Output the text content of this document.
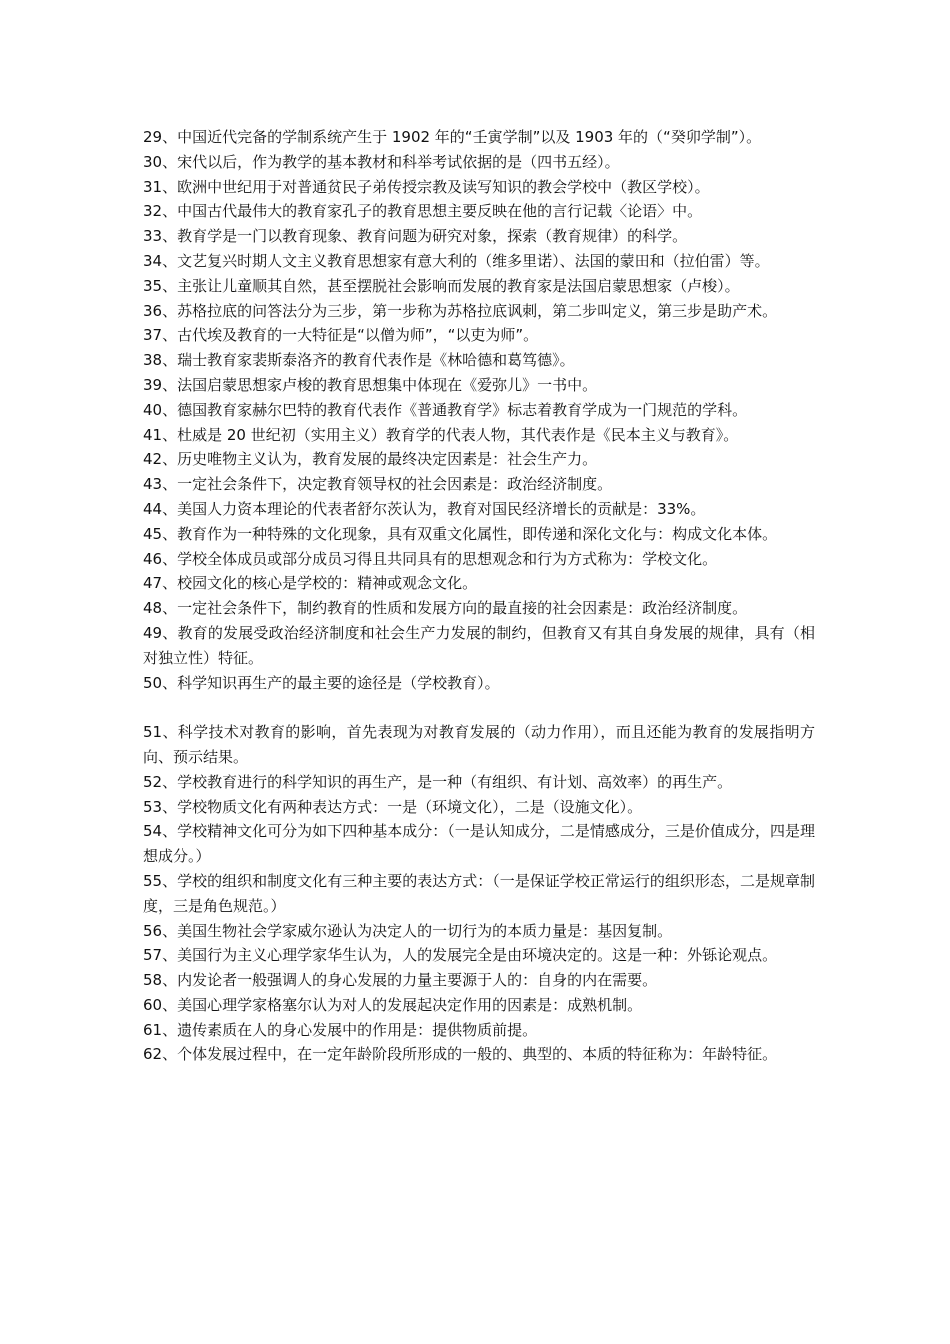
29、中国近代完备的学制系统产生于 1902 年的“壬寅学制”以及 1903 年的（“癸卯学制”）。

30、宋代以后，作为教学的基本教材和科举考试依据的是（四书五经）。

31、欧洲中世纪用于对普通贫民子弟传授宗教及读写知识的教会学校中（教区学校）。

32、中国古代最伟大的教育家孔子的教育思想主要反映在他的言行记载〈论语〉中。

33、教育学是一门以教育现象、教育问题为研究对象，探索（教育规律）的科学。

34、文艺复兴时期人文主义教育思想家有意大利的（维多里诺）、法国的蒙田和（拉伯雷）等。

35、主张让儿童顺其自然，甚至摆脱社会影响而发展的教育家是法国启蒙思想家（卢梭）。

36、苏格拉底的问答法分为三步，第一步称为苏格拉底讽刺，第二步叫定义，第三步是助产术。

37、古代埃及教育的一大特征是“以僧为师”，“以吏为师”。

38、瑞士教育家裴斯泰洛齐的教育代表作是《林哈德和葛笃德》。

39、法国启蒙思想家卢梭的教育思想集中体现在《爱弥儿》一书中。

40、德国教育家赫尔巴特的教育代表作《普通教育学》标志着教育学成为一门规范的学科。

41、杜威是 20 世纪初（实用主义）教育学的代表人物，其代表作是《民本主义与教育》。

42、历史唯物主义认为，教育发展的最终决定因素是：社会生产力。

43、一定社会条件下，决定教育领导权的社会因素是：政治经济制度。

44、美国人力资本理论的代表者舒尔茨认为，教育对国民经济增长的贡献是：33%。

45、教育作为一种特殊的文化现象，具有双重文化属性，即传递和深化文化与：构成文化本体。

46、学校全体成员或部分成员习得且共同具有的思想观念和行为方式称为：学校文化。

47、校园文化的核心是学校的：精神或观念文化。

48、一定社会条件下，制约教育的性质和发展方向的最直接的社会因素是：政治经济制度。

49、教育的发展受政治经济制度和社会生产力发展的制约，但教育又有其自身发展的规律，具有（相对独立性）特征。

50、科学知识再生产的最主要的途径是（学校教育）。

51、科学技术对教育的影响，首先表现为对教育发展的（动力作用），而且还能为教育的发展指明方向、预示结果。

52、学校教育进行的科学知识的再生产，是一种（有组织、有计划、高效率）的再生产。

53、学校物质文化有两种表达方式：一是（环境文化），二是（设施文化）。

54、学校精神文化可分为如下四种基本成分：（一是认知成分，二是情感成分，三是价值成分，四是理想成分。）

55、学校的组织和制度文化有三种主要的表达方式：（一是保证学校正常运行的组织形态，二是规章制度，三是角色规范。）

56、美国生物社会学家威尔逊认为决定人的一切行为的本质力量是：基因复制。

57、美国行为主义心理学家华生认为，人的发展完全是由环境决定的。这是一种：外铄论观点。

58、内发论者一般强调人的身心发展的力量主要源于人的：自身的内在需要。

60、美国心理学家格塞尔认为对人的发展起决定作用的因素是：成熟机制。

61、遗传素质在人的身心发展中的作用是：提供物质前提。

62、个体发展过程中，在一定年龄阶段所形成的一般的、典型的、本质的特征称为：年龄特征。
